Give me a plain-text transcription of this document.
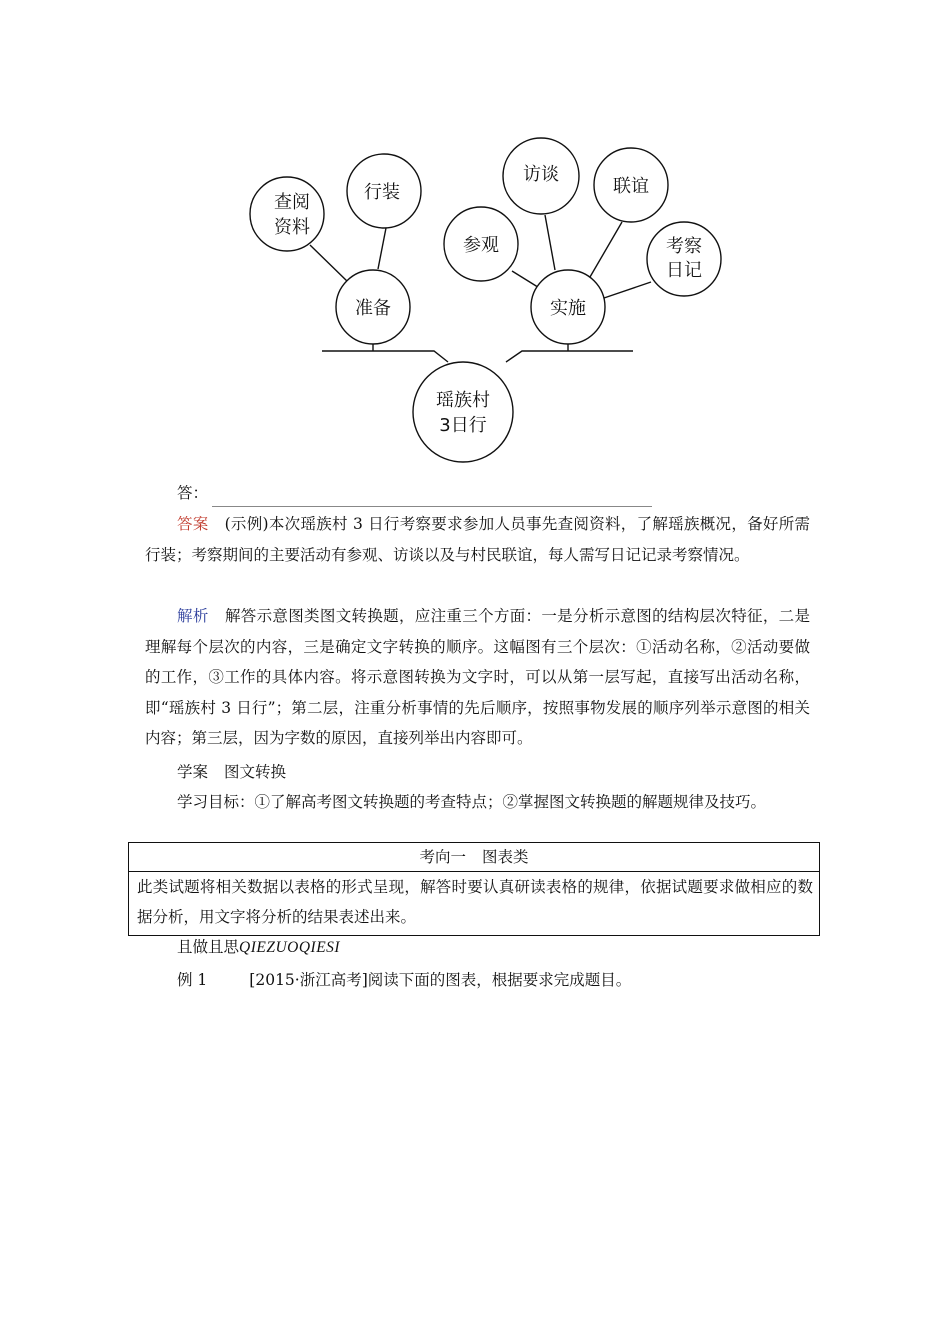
瑶族村
3日行
准备
查阅
资料
行装
实施
参观
访谈
联谊
考察
日记

答：

答案 (示例)本次瑶族村 3 日行考察要求参加人员事先查阅资料，了解瑶族概况，备好所需行装；考察期间的主要活动有参观、访谈以及与村民联谊，每人需写日记记录考察情况。

解析 解答示意图类图文转换题，应注重三个方面：一是分析示意图的结构层次特征，二是理解每个层次的内容，三是确定文字转换的顺序。这幅图有三个层次：①活动名称，②活动要做的工作，③工作的具体内容。将示意图转换为文字时，可以从第一层写起，直接写出活动名称，即“瑶族村 3 日行”；第二层，注重分析事情的先后顺序，按照事物发展的顺序列举示意图的相关内容；第三层，因为字数的原因，直接列举出内容即可。

学案 图文转换

学习目标：①了解高考图文转换题的考查特点；②掌握图文转换题的解题规律及技巧。

考向一 图表类
此类试题将相关数据以表格的形式呈现，解答时要认真研读表格的规律，依据试题要求做相应的数据分析，用文字将分析的结果表述出来。

且做且思QIEZUOQIESI

例 1	[2015·浙江高考]阅读下面的图表，根据要求完成题目。
